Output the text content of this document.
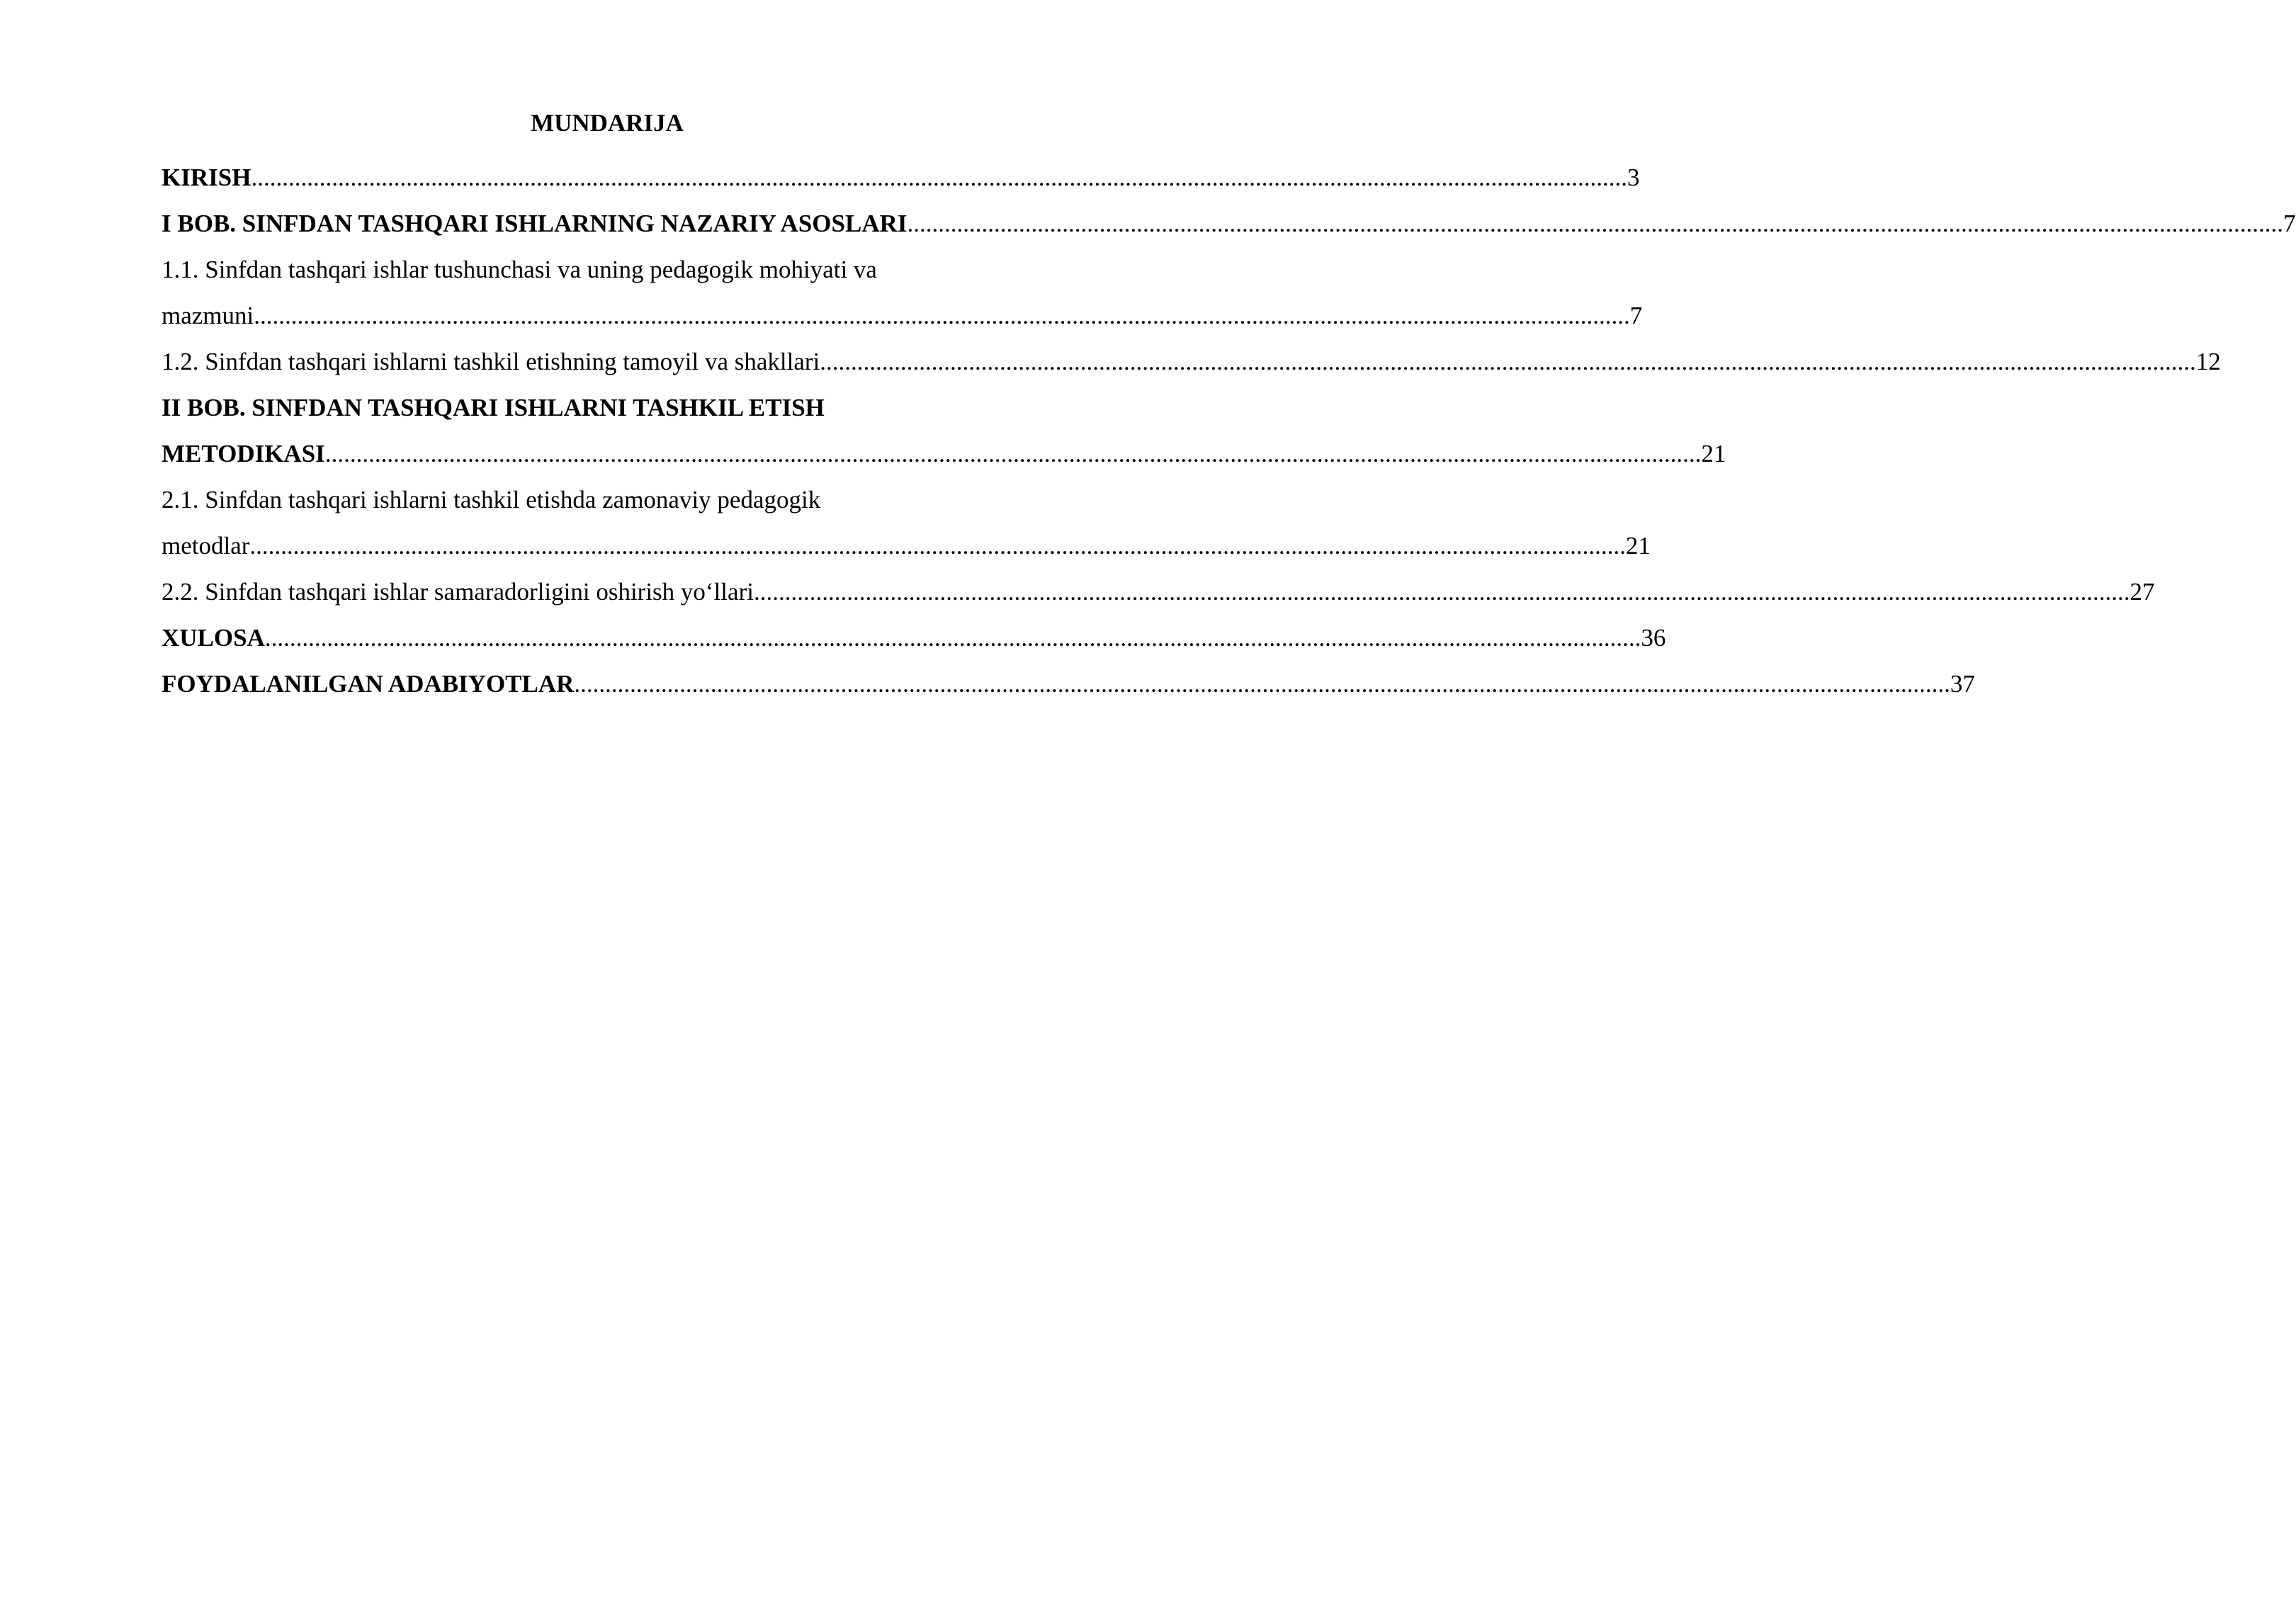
MUNDARIJA
KIRISH .............................................................................................................................................................................................................................. 3
I BOB. SINFDAN TASHQARI ISHLARNING NAZARIY ASOSLARI .............................................................................................................................................................................................................................. 7
1.1. Sinfdan tashqari ishlar tushunchasi va uning pedagogik mohiyati va
mazmuni .............................................................................................................................................................................................................................. 7
1.2. Sinfdan tashqari ishlarni tashkil etishning tamoyil va shakllari .............................................................................................................................................................................................................................. 12
II BOB. SINFDAN TASHQARI ISHLARNI TASHKIL ETISH
METODIKASI .............................................................................................................................................................................................................................. 21
2.1. Sinfdan tashqari ishlarni tashkil etishda zamonaviy pedagogik
metodlar .............................................................................................................................................................................................................................. 21
2.2. Sinfdan tashqari ishlar samaradorligini oshirish yo‘llari .............................................................................................................................................................................................................................. 27
XULOSA .............................................................................................................................................................................................................................. 36
FOYDALANILGAN ADABIYOTLAR .............................................................................................................................................................................................................................. 37
